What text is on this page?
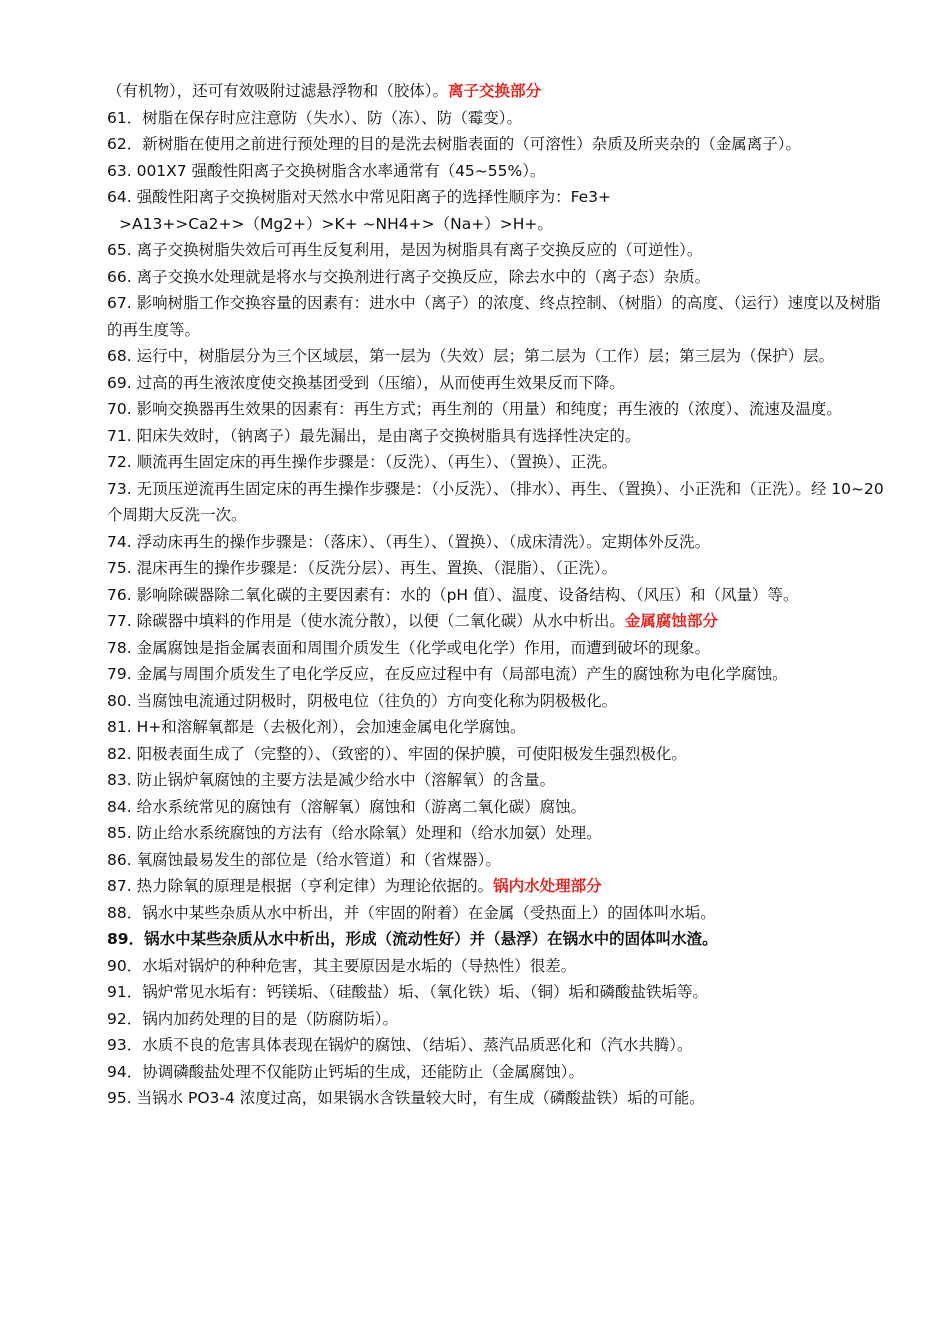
（有机物），还可有效吸附过滤悬浮物和（胶体）。离子交换部分
61．树脂在保存时应注意防（失水）、防（冻）、防（霉变）。
62．新树脂在使用之前进行预处理的目的是洗去树脂表面的（可溶性）杂质及所夹杂的（金属离子）。
63. 001X7 强酸性阳离子交换树脂含水率通常有（45~55%）。
64. 强酸性阳离子交换树脂对天然水中常见阳离子的选择性顺序为：Fe3+
>A13+>Ca2+>（Mg2+）>K+ ~NH4+>（Na+）>H+。
65. 离子交换树脂失效后可再生反复利用，是因为树脂具有离子交换反应的（可逆性）。
66. 离子交换水处理就是将水与交换剂进行离子交换反应，除去水中的（离子态）杂质。
67. 影响树脂工作交换容量的因素有：进水中（离子）的浓度、终点控制、（树脂）的高度、（运行）速度以及树脂的再生度等。
68. 运行中，树脂层分为三个区域层，第一层为（失效）层；第二层为（工作）层；第三层为（保护）层。
69. 过高的再生液浓度使交换基团受到（压缩），从而使再生效果反而下降。
70. 影响交换器再生效果的因素有：再生方式；再生剂的（用量）和纯度；再生液的（浓度）、流速及温度。
71. 阳床失效时，（钠离子）最先漏出，是由离子交换树脂具有选择性决定的。
72. 顺流再生固定床的再生操作步骤是：（反洗）、（再生）、（置换）、正洗。
73. 无顶压逆流再生固定床的再生操作步骤是：（小反洗）、（排水）、再生、（置换）、小正洗和（正洗）。经 10~20 个周期大反洗一次。
74. 浮动床再生的操作步骤是：（落床）、（再生）、（置换）、（成床清洗）。定期体外反洗。
75. 混床再生的操作步骤是：（反洗分层）、再生、置换、（混脂）、（正洗）。
76. 影响除碳器除二氧化碳的主要因素有：水的（pH 值）、温度、设备结构、（风压）和（风量）等。
77. 除碳器中填料的作用是（使水流分散），以便（二氧化碳）从水中析出。金属腐蚀部分
78. 金属腐蚀是指金属表面和周围介质发生（化学或电化学）作用，而遭到破坏的现象。
79. 金属与周围介质发生了电化学反应，在反应过程中有（局部电流）产生的腐蚀称为电化学腐蚀。
80. 当腐蚀电流通过阴极时，阴极电位（往负的）方向变化称为阴极极化。
81. H+和溶解氧都是（去极化剂），会加速金属电化学腐蚀。
82. 阳极表面生成了（完整的）、（致密的）、牢固的保护膜，可使阳极发生强烈极化。
83. 防止锅炉氧腐蚀的主要方法是减少给水中（溶解氧）的含量。
84. 给水系统常见的腐蚀有（溶解氧）腐蚀和（游离二氧化碳）腐蚀。
85. 防止给水系统腐蚀的方法有（给水除氧）处理和（给水加氨）处理。
86. 氧腐蚀最易发生的部位是（给水管道）和（省煤器）。
87. 热力除氧的原理是根据（亨利定律）为理论依据的。锅内水处理部分
88．锅水中某些杂质从水中析出，并（牢固的附着）在金属（受热面上）的固体叫水垢。
89．锅水中某些杂质从水中析出，形成（流动性好）并（悬浮）在锅水中的固体叫水渣。
90．水垢对锅炉的种种危害，其主要原因是水垢的（导热性）很差。
91．锅炉常见水垢有：钙镁垢、（硅酸盐）垢、（氧化铁）垢、（铜）垢和磷酸盐铁垢等。
92．锅内加药处理的目的是（防腐防垢）。
93．水质不良的危害具体表现在锅炉的腐蚀、（结垢）、蒸汽品质恶化和（汽水共腾）。
94．协调磷酸盐处理不仅能防止钙垢的生成，还能防止（金属腐蚀）。
95. 当锅水 PO3-4 浓度过高，如果锅水含铁量较大时，有生成（磷酸盐铁）垢的可能。
